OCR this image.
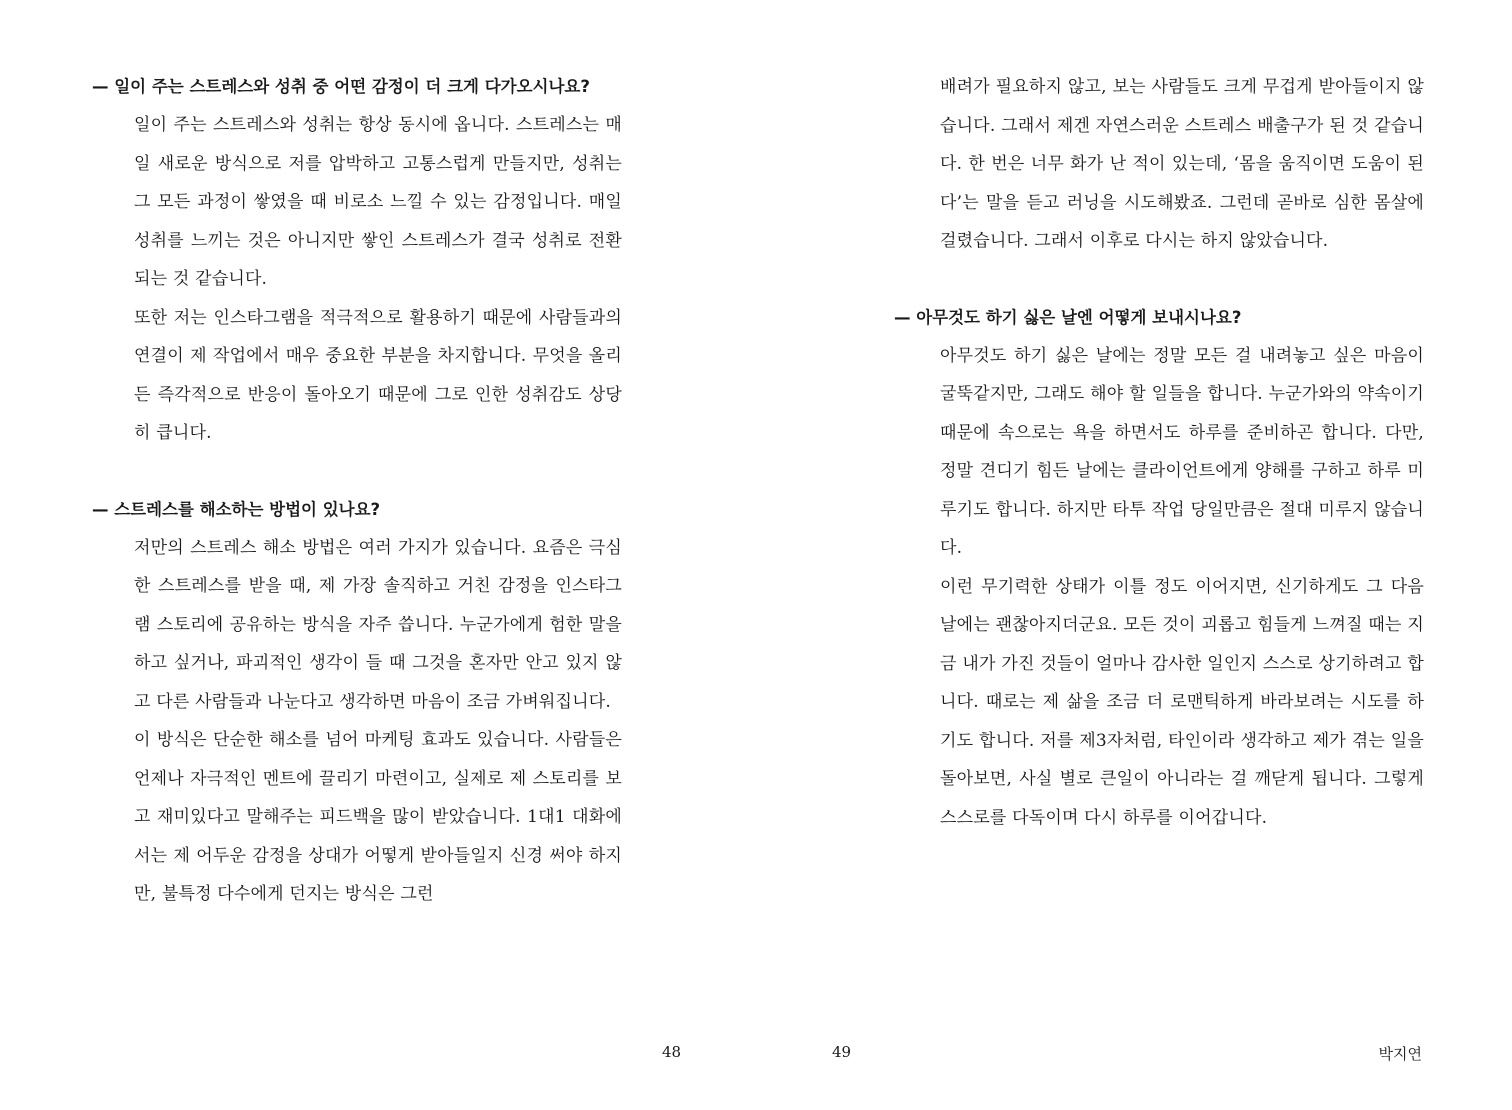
— 일이 주는 스트레스와 성취 중 어떤 감정이 더 크게 다가오시나요?

일이 주는 스트레스와 성취는 항상 동시에 옵니다. 스트레스는 매일 새로운 방식으로 저를 압박하고 고통스럽게 만들지만, 성취는 그 모든 과정이 쌓였을 때 비로소 느낄 수 있는 감정입니다. 매일 성취를 느끼는 것은 아니지만 쌓인 스트레스가 결국 성취로 전환되는 것 같습니다.

또한 저는 인스타그램을 적극적으로 활용하기 때문에 사람들과의 연결이 제 작업에서 매우 중요한 부분을 차지합니다. 무엇을 올리든 즉각적으로 반응이 돌아오기 때문에 그로 인한 성취감도 상당히 큽니다.

— 스트레스를 해소하는 방법이 있나요?

저만의 스트레스 해소 방법은 여러 가지가 있습니다. 요즘은 극심한 스트레스를 받을 때, 제 가장 솔직하고 거친 감정을 인스타그램 스토리에 공유하는 방식을 자주 씁니다. 누군가에게 험한 말을 하고 싶거나, 파괴적인 생각이 들 때 그것을 혼자만 안고 있지 않고 다른 사람들과 나눈다고 생각하면 마음이 조금 가벼워집니다.

이 방식은 단순한 해소를 넘어 마케팅 효과도 있습니다. 사람들은 언제나 자극적인 멘트에 끌리기 마련이고, 실제로 제 스토리를 보고 재미있다고 말해주는 피드백을 많이 받았습니다. 1대1 대화에서는 제 어두운 감정을 상대가 어떻게 받아들일지 신경 써야 하지만, 불특정 다수에게 던지는 방식은 그런

48

배려가 필요하지 않고, 보는 사람들도 크게 무겁게 받아들이지 않습니다. 그래서 제겐 자연스러운 스트레스 배출구가 된 것 같습니다. 한 번은 너무 화가 난 적이 있는데, ‘몸을 움직이면 도움이 된다’는 말을 듣고 러닝을 시도해봤죠. 그런데 곧바로 심한 몸살에 걸렸습니다. 그래서 이후로 다시는 하지 않았습니다.

— 아무것도 하기 싫은 날엔 어떻게 보내시나요?

아무것도 하기 싫은 날에는 정말 모든 걸 내려놓고 싶은 마음이 굴뚝같지만, 그래도 해야 할 일들을 합니다. 누군가와의 약속이기 때문에 속으로는 욕을 하면서도 하루를 준비하곤 합니다. 다만, 정말 견디기 힘든 날에는 클라이언트에게 양해를 구하고 하루 미루기도 합니다. 하지만 타투 작업 당일만큼은 절대 미루지 않습니다.

이런 무기력한 상태가 이틀 정도 이어지면, 신기하게도 그 다음 날에는 괜찮아지더군요. 모든 것이 괴롭고 힘들게 느껴질 때는 지금 내가 가진 것들이 얼마나 감사한 일인지 스스로 상기하려고 합니다. 때로는 제 삶을 조금 더 로맨틱하게 바라보려는 시도를 하기도 합니다. 저를 제3자처럼, 타인이라 생각하고 제가 겪는 일을 돌아보면, 사실 별로 큰일이 아니라는 걸 깨닫게 됩니다. 그렇게 스스로를 다독이며 다시 하루를 이어갑니다.

49	박지연
